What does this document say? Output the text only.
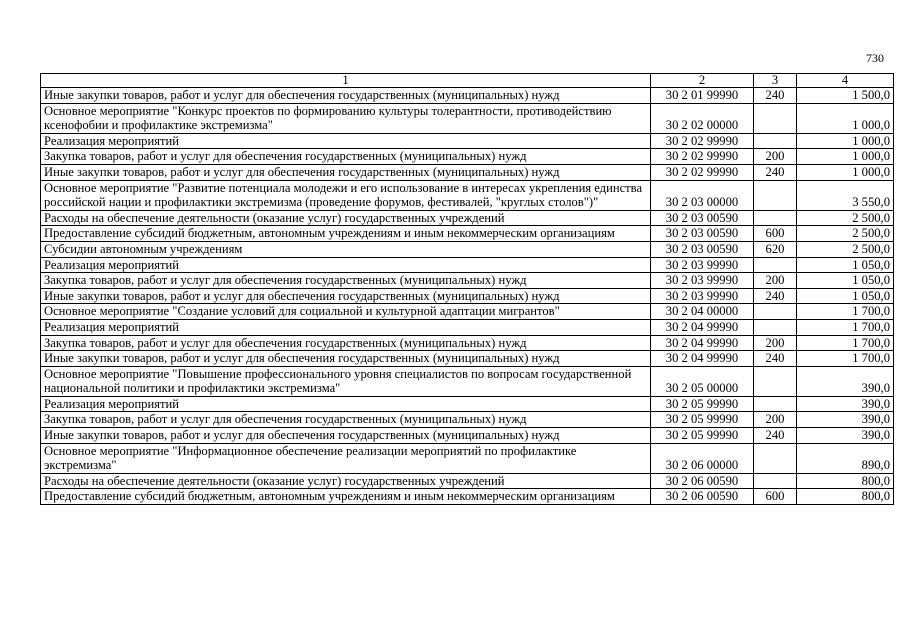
730
1	2	3	4
Иные закупки товаров, работ и услуг для обеспечения государственных (муниципальных) нужд	30 2 01 99990	240	1 500,0
Основное мероприятие "Конкурс проектов по формированию культуры толерантности, противодействию ксенофобии и профилактике экстремизма"	30 2 02 00000		1 000,0
Реализация мероприятий	30 2 02 99990		1 000,0
Закупка товаров, работ и услуг для обеспечения государственных (муниципальных) нужд	30 2 02 99990	200	1 000,0
Иные закупки товаров, работ и услуг для обеспечения государственных (муниципальных) нужд	30 2 02 99990	240	1 000,0
Основное мероприятие "Развитие потенциала молодежи и его использование в интересах укрепления единства российской нации и профилактики экстремизма (проведение форумов, фестивалей, "круглых столов")"	30 2 03 00000		3 550,0
Расходы на обеспечение деятельности (оказание услуг) государственных учреждений	30 2 03 00590		2 500,0
Предоставление субсидий бюджетным, автономным учреждениям и иным некоммерческим организациям	30 2 03 00590	600	2 500,0
Субсидии автономным учреждениям	30 2 03 00590	620	2 500,0
Реализация мероприятий	30 2 03 99990		1 050,0
Закупка товаров, работ и услуг для обеспечения государственных (муниципальных) нужд	30 2 03 99990	200	1 050,0
Иные закупки товаров, работ и услуг для обеспечения государственных (муниципальных) нужд	30 2 03 99990	240	1 050,0
Основное мероприятие "Создание условий для социальной и культурной адаптации мигрантов"	30 2 04 00000		1 700,0
Реализация мероприятий	30 2 04 99990		1 700,0
Закупка товаров, работ и услуг для обеспечения государственных (муниципальных) нужд	30 2 04 99990	200	1 700,0
Иные закупки товаров, работ и услуг для обеспечения государственных (муниципальных) нужд	30 2 04 99990	240	1 700,0
Основное мероприятие "Повышение профессионального уровня специалистов по вопросам государственной национальной политики и профилактики экстремизма"	30 2 05 00000		390,0
Реализация мероприятий	30 2 05 99990		390,0
Закупка товаров, работ и услуг для обеспечения государственных (муниципальных) нужд	30 2 05 99990	200	390,0
Иные закупки товаров, работ и услуг для обеспечения государственных (муниципальных) нужд	30 2 05 99990	240	390,0
Основное мероприятие "Информационное обеспечение реализации мероприятий по профилактике экстремизма"	30 2 06 00000		890,0
Расходы на обеспечение деятельности (оказание услуг) государственных учреждений	30 2 06 00590		800,0
Предоставление субсидий бюджетным, автономным учреждениям и иным некоммерческим организациям	30 2 06 00590	600	800,0
